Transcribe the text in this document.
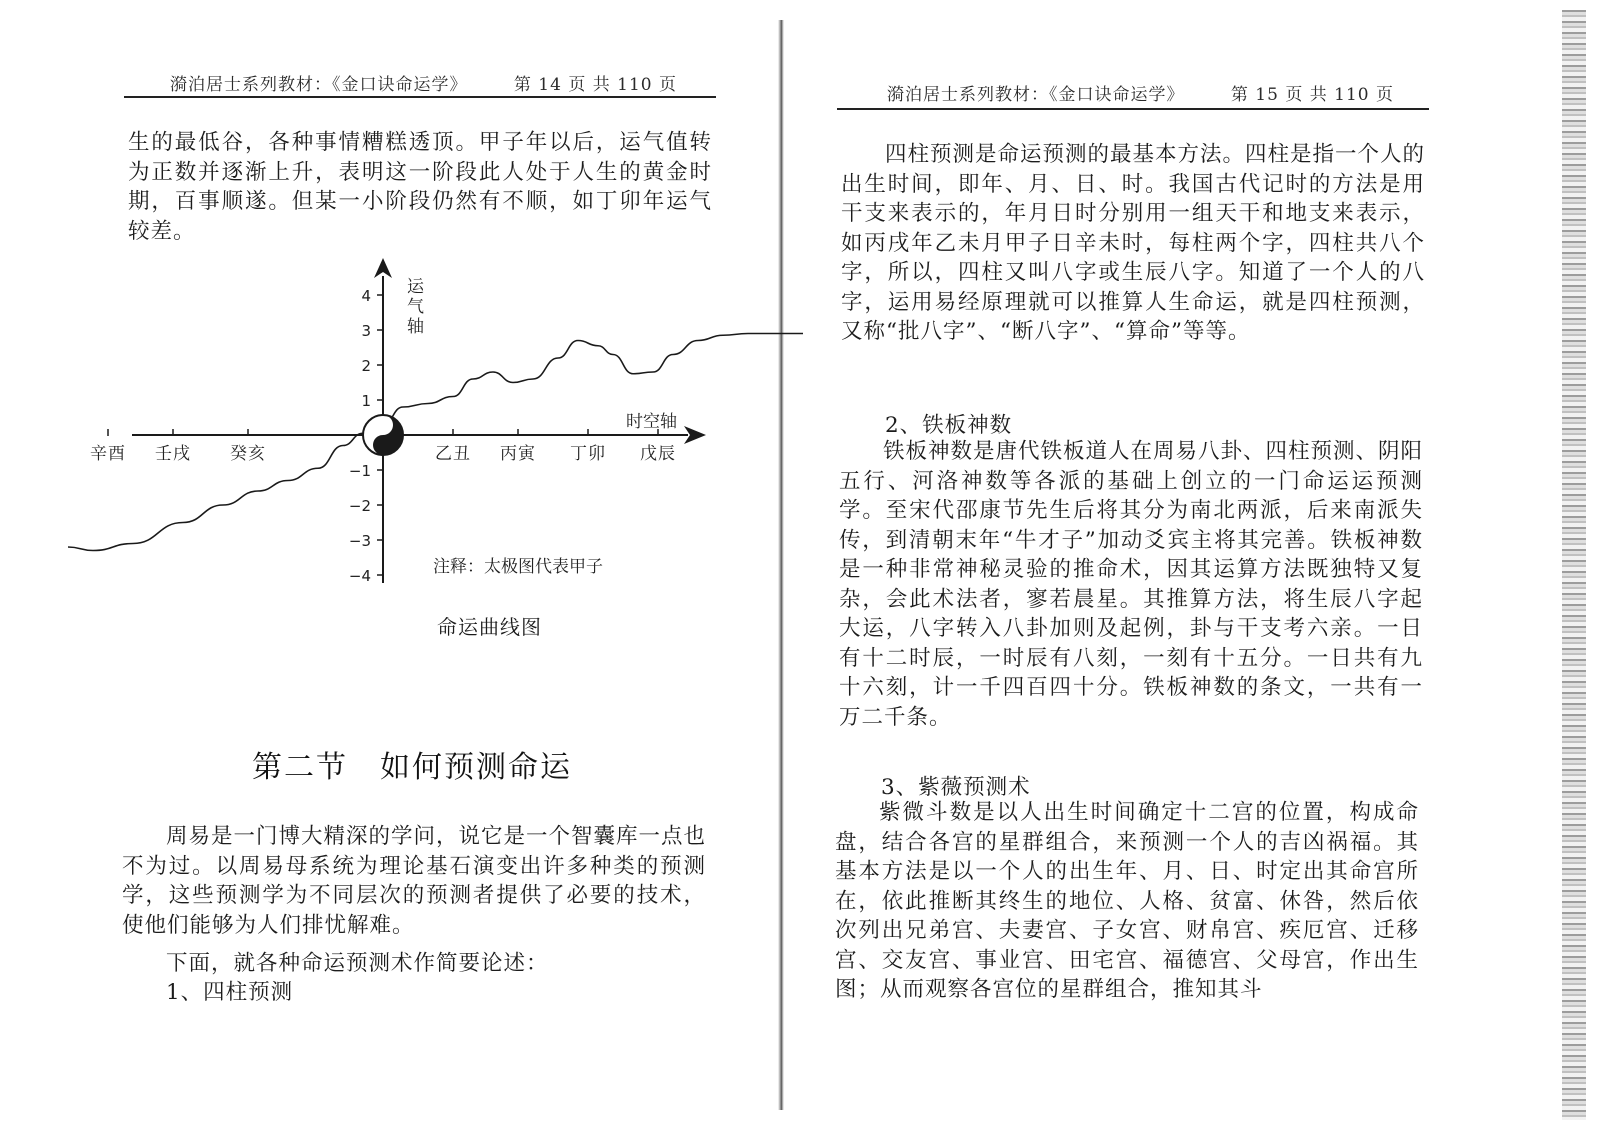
漪泊居士系列教材：《金口诀命运学》	第 14 页 共 110 页

生的最低谷，各种事情糟糕透顶。甲子年以后，运气值转为正数并逐渐上升，表明这一阶段此人处于人生的黄金时期，百事顺遂。但某一小阶段仍然有不顺，如丁卯年运气较差。

4
3
2
1
−1
−2
−3
−4
辛酉 壬戌 癸亥	乙丑 丙寅 丁卯 戊辰
运气轴
时空轴
注释：太极图代表甲子
命运曲线图
第二节 如何预测命运

周易是一门博大精深的学问，说它是一个智囊库一点也不为过。以周易母系统为理论基石演变出许多种类的预测学，这些预测学为不同层次的预测者提供了必要的技术，使他们能够为人们排忧解难。

下面，就各种命运预测术作简要论述：

1、四柱预测

漪泊居士系列教材：《金口诀命运学》	第 15 页 共 110 页

四柱预测是命运预测的最基本方法。四柱是指一个人的出生时间，即年、月、日、时。我国古代记时的方法是用干支来表示的，年月日时分别用一组天干和地支来表示，如丙戌年乙未月甲子日辛未时，每柱两个字，四柱共八个字，所以，四柱又叫八字或生辰八字。知道了一个人的八字，运用易经原理就可以推算人生命运，就是四柱预测，又称“批八字”、“断八字”、“算命”等等。

2、铁板神数

铁板神数是唐代铁板道人在周易八卦、四柱预测、阴阳五行、河洛神数等各派的基础上创立的一门命运运预测学。至宋代邵康节先生后将其分为南北两派，后来南派失传，到清朝末年“牛才子”加动爻宾主将其完善。铁板神数是一种非常神秘灵验的推命术，因其运算方法既独特又复杂，会此术法者，寥若晨星。其推算方法，将生辰八字起大运，八字转入八卦加则及起例，卦与干支考六亲。一日有十二时辰，一时辰有八刻，一刻有十五分。一日共有九十六刻，计一千四百四十分。铁板神数的条文，一共有一万二千条。

3、紫薇预测术

紫微斗数是以人出生时间确定十二宫的位置，构成命盘，结合各宫的星群组合，来预测一个人的吉凶祸福。其基本方法是以一个人的出生年、月、日、时定出其命宫所在，依此推断其终生的地位、人格、贫富、休咎，然后依次列出兄弟宫、夫妻宫、子女宫、财帛宫、疾厄宫、迁移宫、交友宫、事业宫、田宅宫、福德宫、父母宫，作出生图；从而观察各宫位的星群组合，推知其斗
